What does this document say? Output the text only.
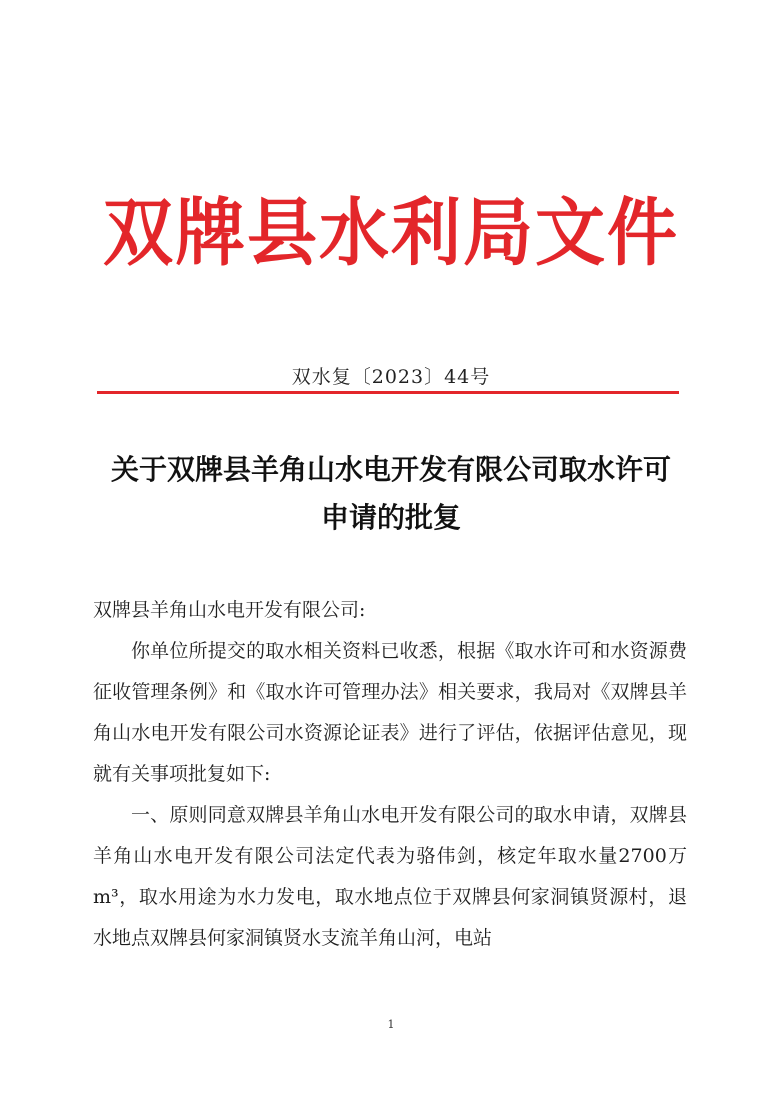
双牌县水利局文件
双水复〔2023〕44号
关于双牌县羊角山水电开发有限公司取水许可
申请的批复

双牌县羊角山水电开发有限公司:

你单位所提交的取水相关资料已收悉，根据《取水许可和水资源费征收管理条例》和《取水许可管理办法》相关要求，我局对《双牌县羊角山水电开发有限公司水资源论证表》进行了评估，依据评估意见，现就有关事项批复如下:

一、原则同意双牌县羊角山水电开发有限公司的取水申请，双牌县羊角山水电开发有限公司法定代表为骆伟剑，核定年取水量2700万m³，取水用途为水力发电，取水地点位于双牌县何家洞镇贤源村，退水地点双牌县何家洞镇贤水支流羊角山河，电站

1
